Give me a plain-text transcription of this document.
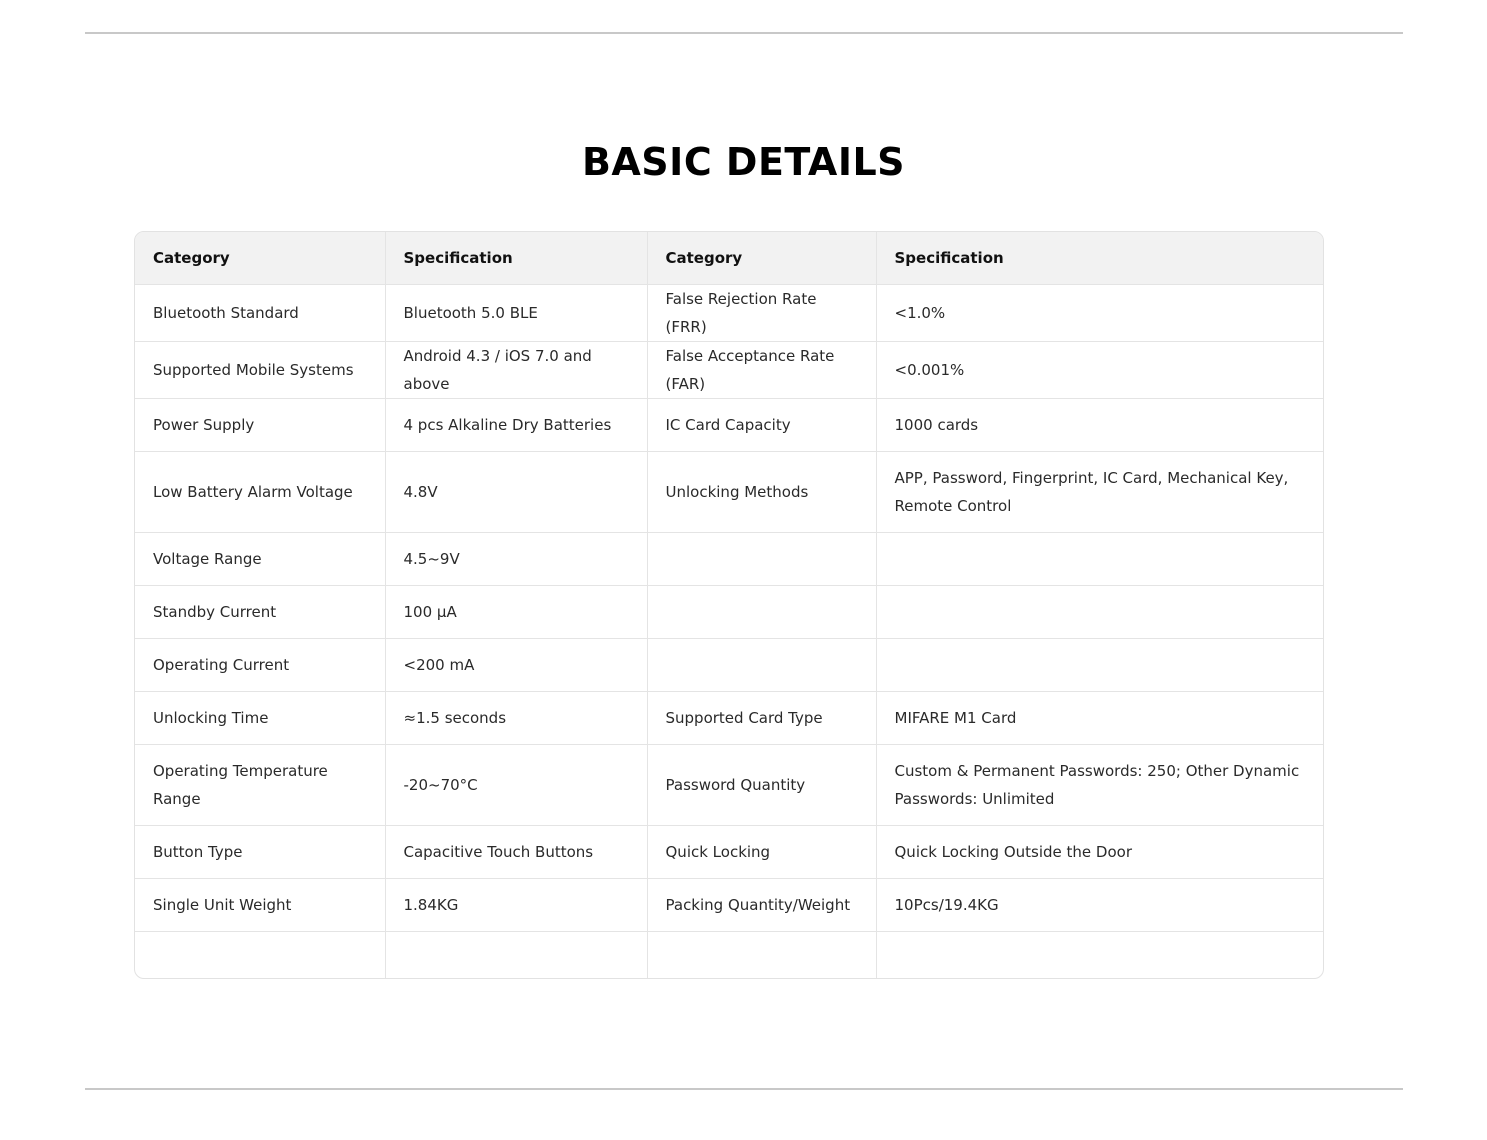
BASIC DETAILS
Category	Specification	Category	Specification
Bluetooth Standard	Bluetooth 5.0 BLE	False Rejection Rate (FRR)	<1.0%
Supported Mobile Systems	Android 4.3 / iOS 7.0 and above	False Acceptance Rate (FAR)	<0.001%
Power Supply	4 pcs Alkaline Dry Batteries	IC Card Capacity	1000 cards
Low Battery Alarm Voltage	4.8V	Unlocking Methods	APP, Password, Fingerprint, IC Card, Mechanical Key, Remote Control
Voltage Range	4.5~9V		
Standby Current	100 μA		
Operating Current	<200 mA		
Unlocking Time	≈1.5 seconds	Supported Card Type	MIFARE M1 Card
Operating Temperature Range	-20~70°C	Password Quantity	Custom & Permanent Passwords: 250; Other Dynamic Passwords: Unlimited
Button Type	Capacitive Touch Buttons	Quick Locking	Quick Locking Outside the Door
Single Unit Weight	1.84KG	Packing Quantity/Weight	10Pcs/19.4KG
